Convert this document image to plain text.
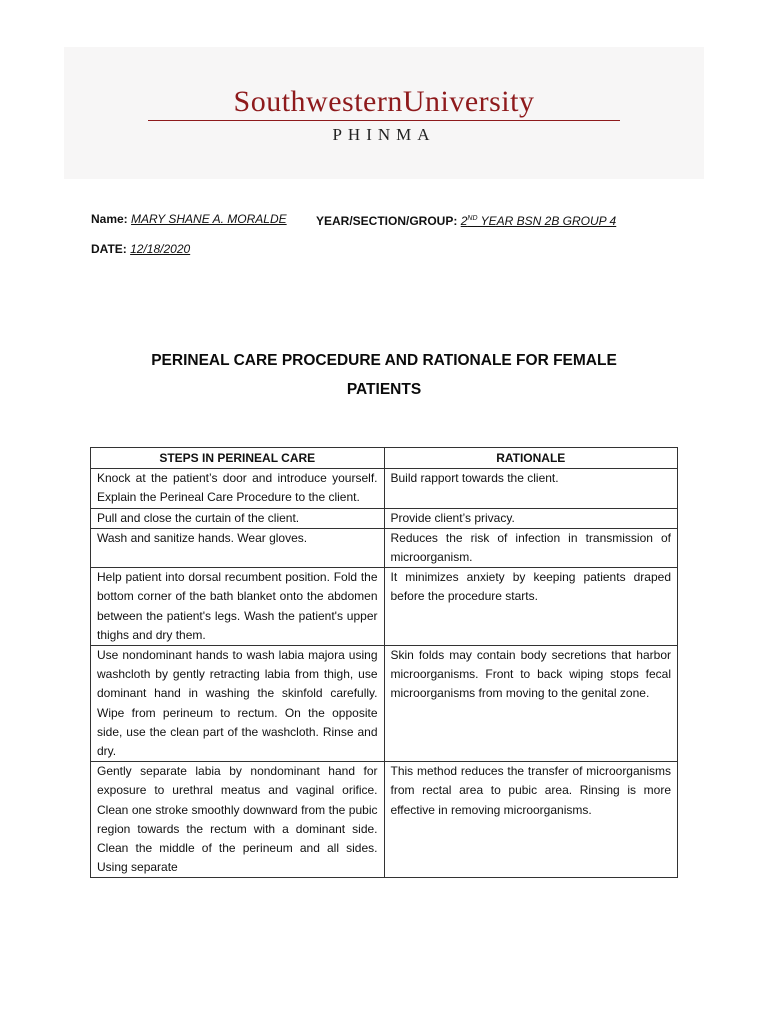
SouthwesternUniversity
PHINMA
Name: MARY SHANE A. MORALDE YEAR/SECTION/GROUP: 2ND YEAR BSN 2B GROUP 4
DATE: 12/18/2020
PERINEAL CARE PROCEDURE AND RATIONALE FOR FEMALE
PATIENTS
STEPS IN PERINEAL CARE	RATIONALE
Knock at the patient’s door and introduce yourself. Explain the Perineal Care Procedure to the client.	Build rapport towards the client.
Pull and close the curtain of the client.	Provide client’s privacy.
Wash and sanitize hands. Wear gloves.	Reduces the risk of infection in transmission of microorganism.
Help patient into dorsal recumbent position. Fold the bottom corner of the bath blanket onto the abdomen between the patient's legs. Wash the patient's upper thighs and dry them.	It minimizes anxiety by keeping patients draped before the procedure starts.
Use nondominant hands to wash labia majora using washcloth by gently retracting labia from thigh, use dominant hand in washing the skinfold carefully. Wipe from perineum to rectum. On the opposite side, use the clean part of the washcloth. Rinse and dry.	Skin folds may contain body secretions that harbor microorganisms. Front to back wiping stops fecal microorganisms from moving to the genital zone.
Gently separate labia by nondominant hand for exposure to urethral meatus and vaginal orifice. Clean one stroke smoothly downward from the pubic region towards the rectum with a dominant side. Clean the middle of the perineum and all sides. Using separate	This method reduces the transfer of microorganisms from rectal area to pubic area. Rinsing is more effective in removing microorganisms.
